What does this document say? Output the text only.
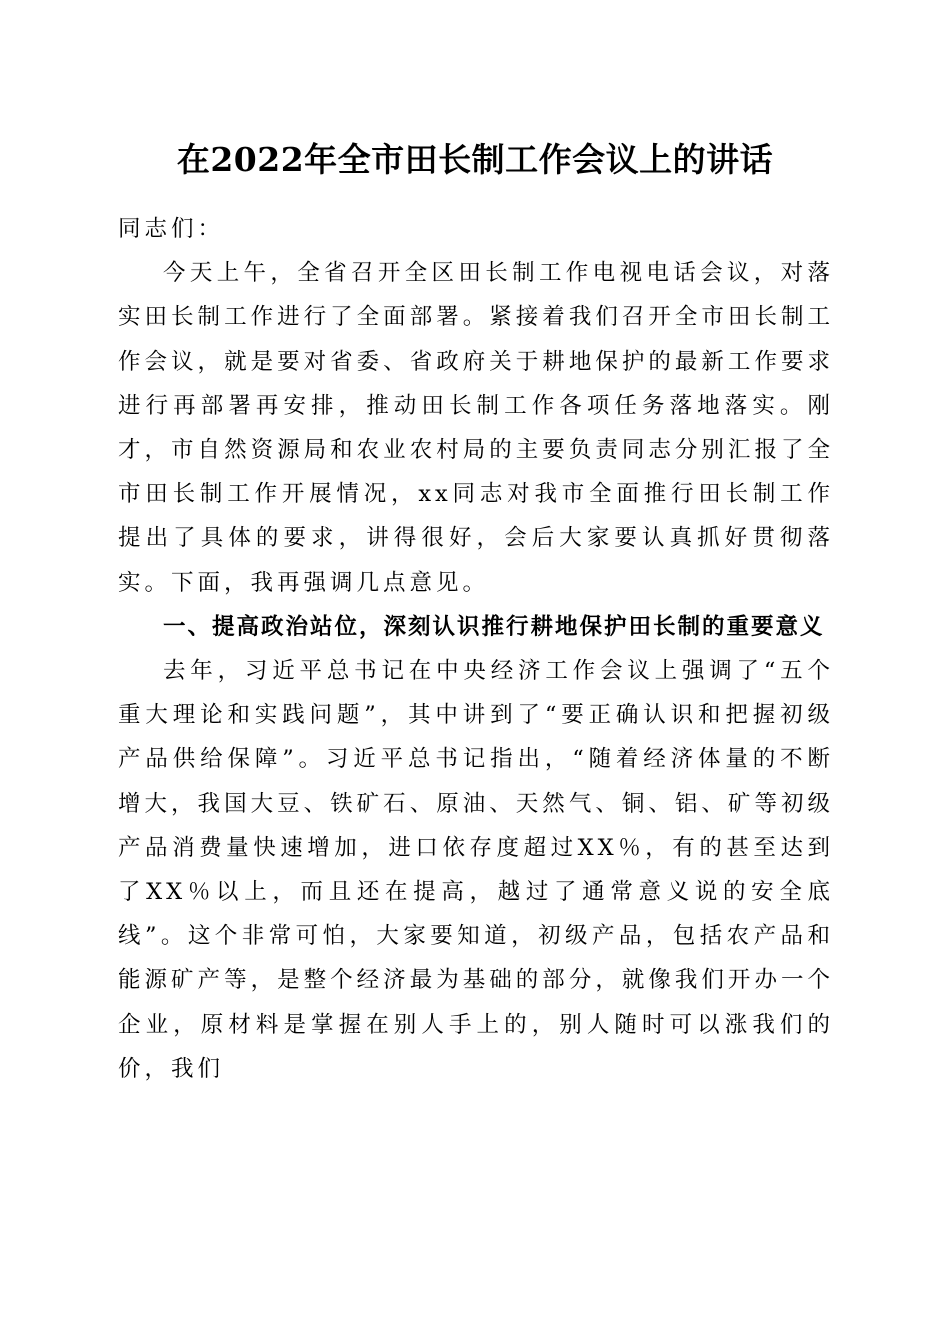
在2022年全市田长制工作会议上的讲话

同志们：

今天上午，全省召开全区田长制工作电视电话会议，对落实田长制工作进行了全面部署。紧接着我们召开全市田长制工作会议，就是要对省委、省政府关于耕地保护的最新工作要求进行再部署再安排，推动田长制工作各项任务落地落实。刚才，市自然资源局和农业农村局的主要负责同志分别汇报了全市田长制工作开展情况，xx同志对我市全面推行田长制工作提出了具体的要求，讲得很好，会后大家要认真抓好贯彻落实。下面，我再强调几点意见。

一、提高政治站位，深刻认识推行耕地保护田长制的重要意义

去年，习近平总书记在中央经济工作会议上强调了“五个重大理论和实践问题”，其中讲到了“要正确认识和把握初级产品供给保障”。习近平总书记指出，“随着经济体量的不断增大，我国大豆、铁矿石、原油、天然气、铜、铝、矿等初级产品消费量快速增加，进口依存度超过XX％，有的甚至达到了XX％以上，而且还在提高，越过了通常意义说的安全底线”。这个非常可怕，大家要知道，初级产品，包括农产品和能源矿产等，是整个经济最为基础的部分，就像我们开办一个企业，原材料是掌握在别人手上的，别人随时可以涨我们的价，我们
